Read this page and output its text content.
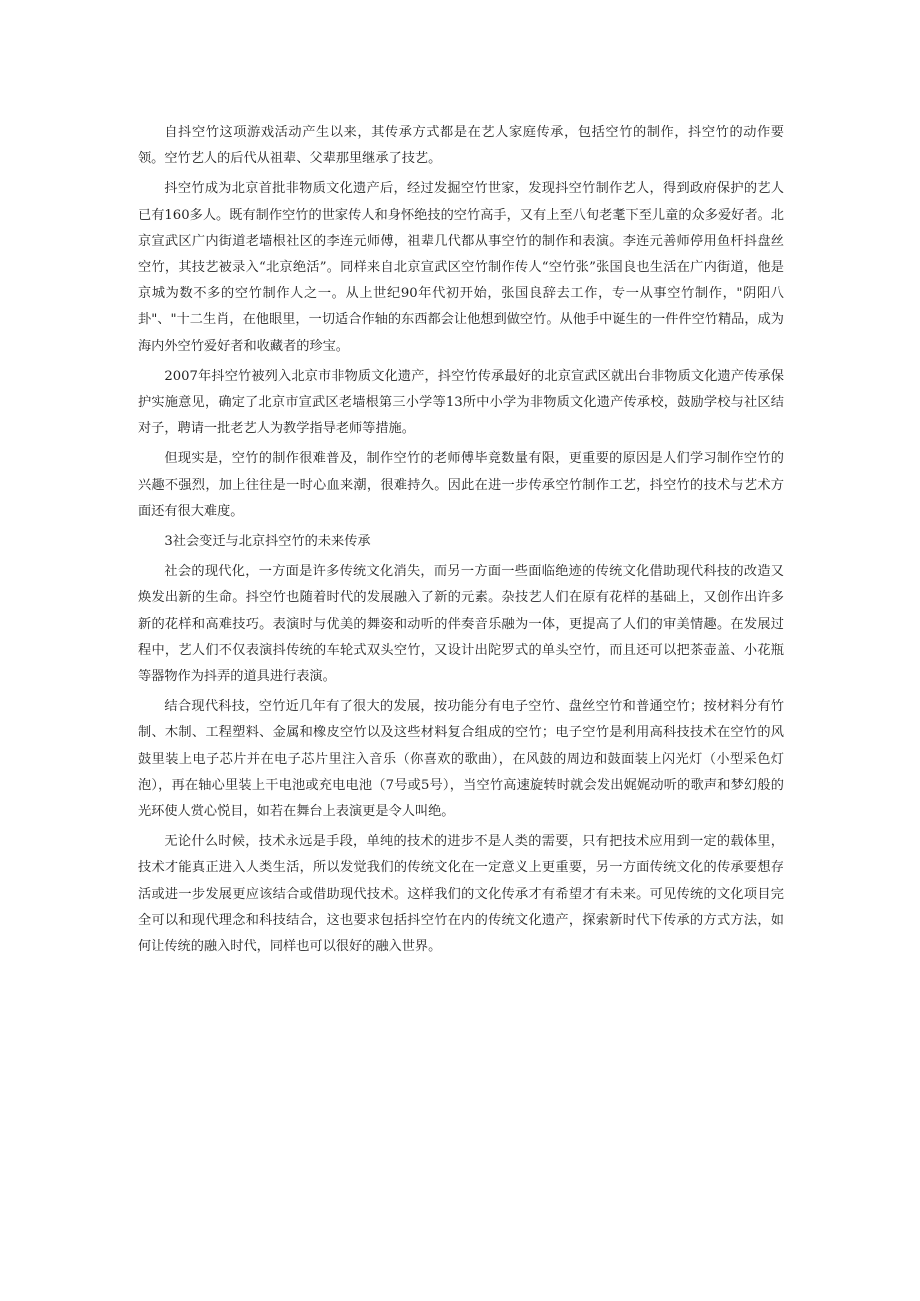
自抖空竹这项游戏活动产生以来，其传承方式都是在艺人家庭传承，包括空竹的制作，抖空竹的动作要领。空竹艺人的后代从祖辈、父辈那里继承了技艺。

抖空竹成为北京首批非物质文化遗产后，经过发掘空竹世家，发现抖空竹制作艺人，得到政府保护的艺人已有160多人。既有制作空竹的世家传人和身怀绝技的空竹高手，又有上至八旬老耄下至儿童的众多爱好者。北京宣武区广内街道老墙根社区的李连元师傅，祖辈几代都从事空竹的制作和表演。李连元善师停用鱼杆抖盘丝空竹，其技艺被录入“北京绝活”。同样来自北京宣武区空竹制作传人“空竹张”张国良也生活在广内街道，他是京城为数不多的空竹制作人之一。从上世纪90年代初开始，张国良辞去工作，专一从事空竹制作，"阴阳八卦"、"十二生肖，在他眼里，一切适合作轴的东西都会让他想到做空竹。从他手中诞生的一件件空竹精品，成为海内外空竹爱好者和收藏者的珍宝。

2007年抖空竹被列入北京市非物质文化遗产，抖空竹传承最好的北京宣武区就出台非物质文化遗产传承保护实施意见，确定了北京市宣武区老墙根第三小学等13所中小学为非物质文化遗产传承校，鼓励学校与社区结对子，聘请一批老艺人为教学指导老师等措施。

但现实是，空竹的制作很难普及，制作空竹的老师傅毕竟数量有限，更重要的原因是人们学习制作空竹的兴趣不强烈，加上往往是一时心血来潮，很难持久。因此在进一步传承空竹制作工艺，抖空竹的技术与艺术方面还有很大难度。

3社会变迁与北京抖空竹的未来传承

社会的现代化，一方面是许多传统文化消失，而另一方面一些面临绝迹的传统文化借助现代科技的改造又焕发出新的生命。抖空竹也随着时代的发展融入了新的元素。杂技艺人们在原有花样的基础上，又创作出许多新的花样和高难技巧。表演时与优美的舞姿和动听的伴奏音乐融为一体，更提高了人们的审美情趣。在发展过程中，艺人们不仅表演抖传统的车轮式双头空竹，又设计出陀罗式的单头空竹，而且还可以把茶壶盖、小花瓶等器物作为抖弄的道具进行表演。

结合现代科技，空竹近几年有了很大的发展，按功能分有电子空竹、盘丝空竹和普通空竹；按材料分有竹制、木制、工程塑料、金属和橡皮空竹以及这些材料复合组成的空竹；电子空竹是利用高科技技术在空竹的风鼓里装上电子芯片并在电子芯片里注入音乐（你喜欢的歌曲），在风鼓的周边和鼓面装上闪光灯（小型采色灯泡），再在轴心里装上干电池或充电电池（7号或5号），当空竹高速旋转时就会发出娓娓动听的歌声和梦幻般的光环使人赏心悦目，如若在舞台上表演更是令人叫绝。

无论什么时候，技术永远是手段，单纯的技术的进步不是人类的需要，只有把技术应用到一定的载体里，技术才能真正进入人类生活，所以发觉我们的传统文化在一定意义上更重要，另一方面传统文化的传承要想存活或进一步发展更应该结合或借助现代技术。这样我们的文化传承才有希望才有未来。可见传统的文化项目完全可以和现代理念和科技结合，这也要求包括抖空竹在内的传统文化遗产，探索新时代下传承的方式方法，如何让传统的融入时代，同样也可以很好的融入世界。
